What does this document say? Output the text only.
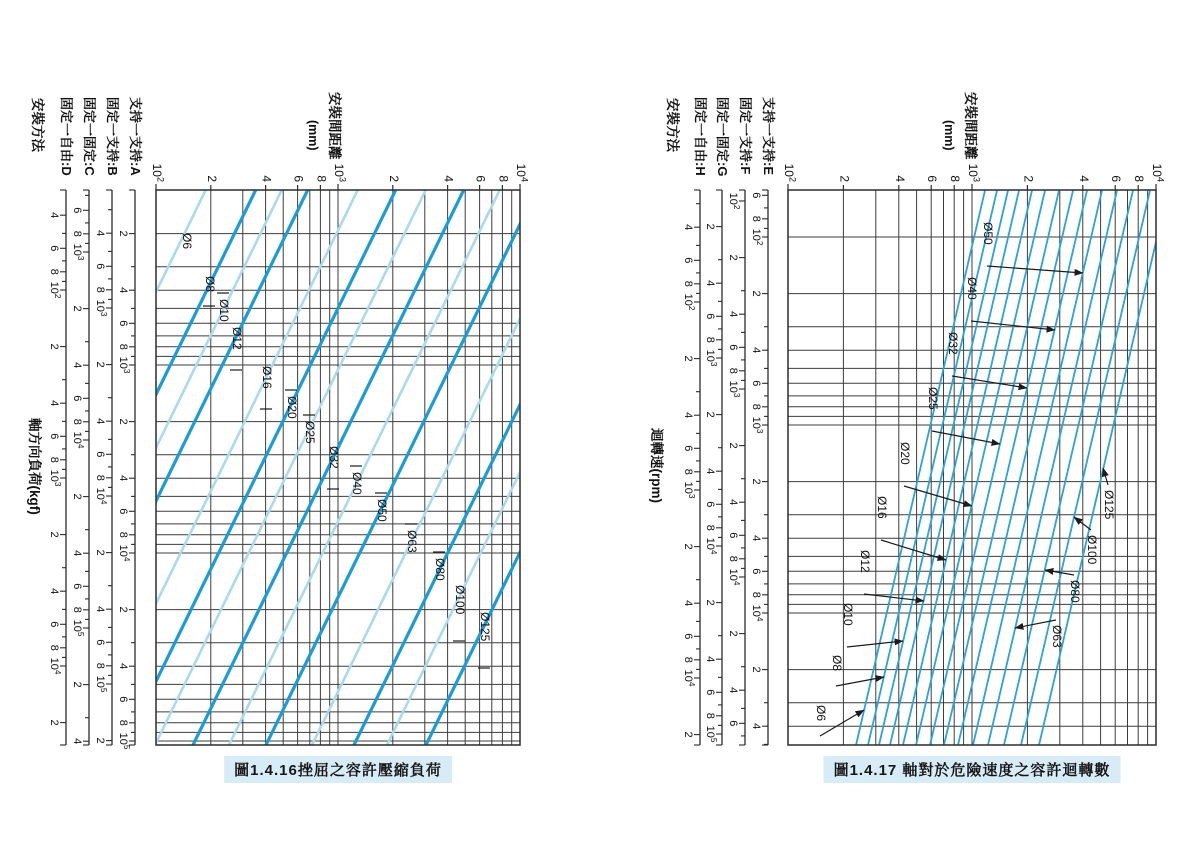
$10^2$	2	4 6 8
$10^3$	2	4 6 8
$10^4$
4
6
8
$10^2$
2
4
6
8
$10^3$
2
4
6
8
$10^4$
2
固定一自由:D
6
8
$10^3$
2
4
6
8
$10^4$
2
4
6
8
$10^5$
2
4
固定一固定:C
4
6
8
$10^3$
2
4
6
8
$10^4$
2
4
6
8
$10^5$
2
固定一支持:B
2
4
6
8
$10^3$
2
4
6
8
$10^4$
2
4
6
8
$10^5$
支持一支持:A
Ø6
Ø8
Ø10
Ø12
Ø16
Ø20
Ø25
Ø32
Ø40
Ø50
Ø63
Ø80
Ø100
Ø125
安裝方法	安裝間距離
(mm)
軸方向負荷(kgf)
$10^2$	2	4 6 8
$10^3$	2	4 6 8
$10^4$
4
6
8
$10^2$
2
4
6
8
$10^3$
2
4
6
8
$10^4$
2
固定一自由:H
2
4
6
8
$10^3$
2
4
6
8
$10^4$
2
4
6
8
$10^5$
固定一固定:G
$10^2$
2
4
6
8
$10^3$
2
4
6
8
$10^4$
2
4
6
固定一支持:F
6
8
$10^2$
2
4
6
8
$10^3$
2
4
6
8
$10^4$
2
4
支持一支持:E
Ø6
Ø8
Ø10
Ø12
Ø16
Ø20
Ø25
Ø32
Ø40
Ø50
Ø63
Ø80
Ø100
Ø125
安裝方法	安裝間距離
(mm)
迴轉速(rpm)
圖1.4.16挫屈之容許壓縮負荷	圖1.4.17 軸對於危險速度之容許迴轉數
